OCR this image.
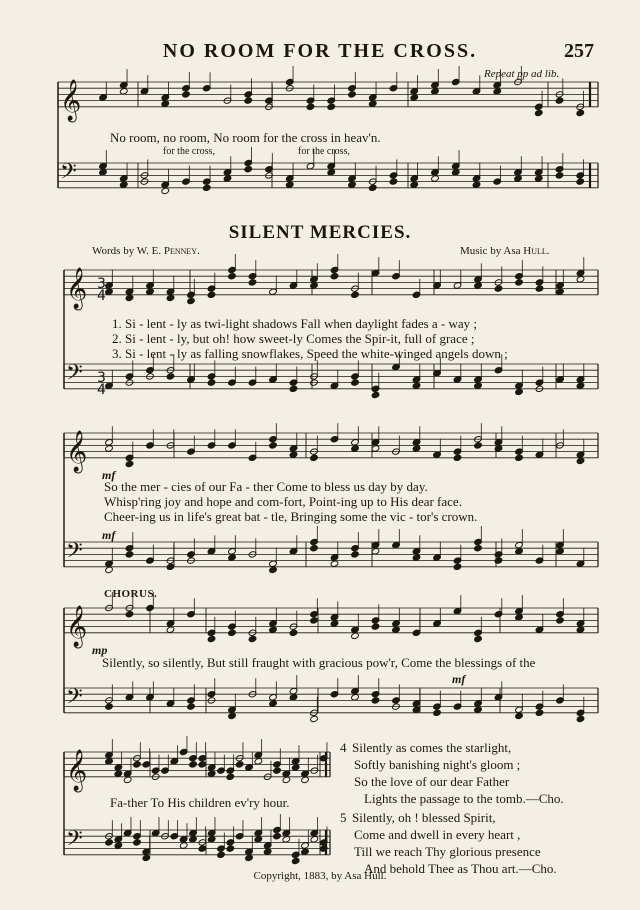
NO ROOM FOR THE CROSS.	257
Repeat pp ad lib.
𝄞
𝄢
𝄞
𝄢
3
4
3
4
𝄞
𝄢
𝄞
𝄢
𝄞
𝄢
No room, no room, No room for the cross in heav'n.
for the cross,	for the cross,
SILENT MERCIES.
Words by W. E. Penney.	Music by Asa Hull.
1. Si - lent - ly as twi-light shadows Fall when daylight fades a - way ;
2. Si - lent - ly, but oh! how sweet-ly Comes the Spir-it, full of grace ;
3. Si - lent - ly as falling snowflakes, Speed the white-winged angels down ;
mf
mf
So the mer - cies of our Fa - ther Come to bless us day by day.
Whisp'ring joy and hope and com-fort, Point-ing up to His dear face.
Cheer-ing us in life's great bat - tle, Bringing some the vic - tor's crown.
CHORUS.
mp
Silently, so silently, But still fraught with gracious pow'r, Come the blessings of the
mf
Fa-ther To His children ev'ry hour.
4 Silently as comes the starlight,
Softly banishing night's gloom ;
So the love of our dear Father
Lights the passage to the tomb.—Cho.
5 Silently, oh ! blessed Spirit,
Come and dwell in every heart ,
Till we reach Thy glorious presence
And behold Thee as Thou art.—Cho.
Copyright, 1883, by Asa Hull.
